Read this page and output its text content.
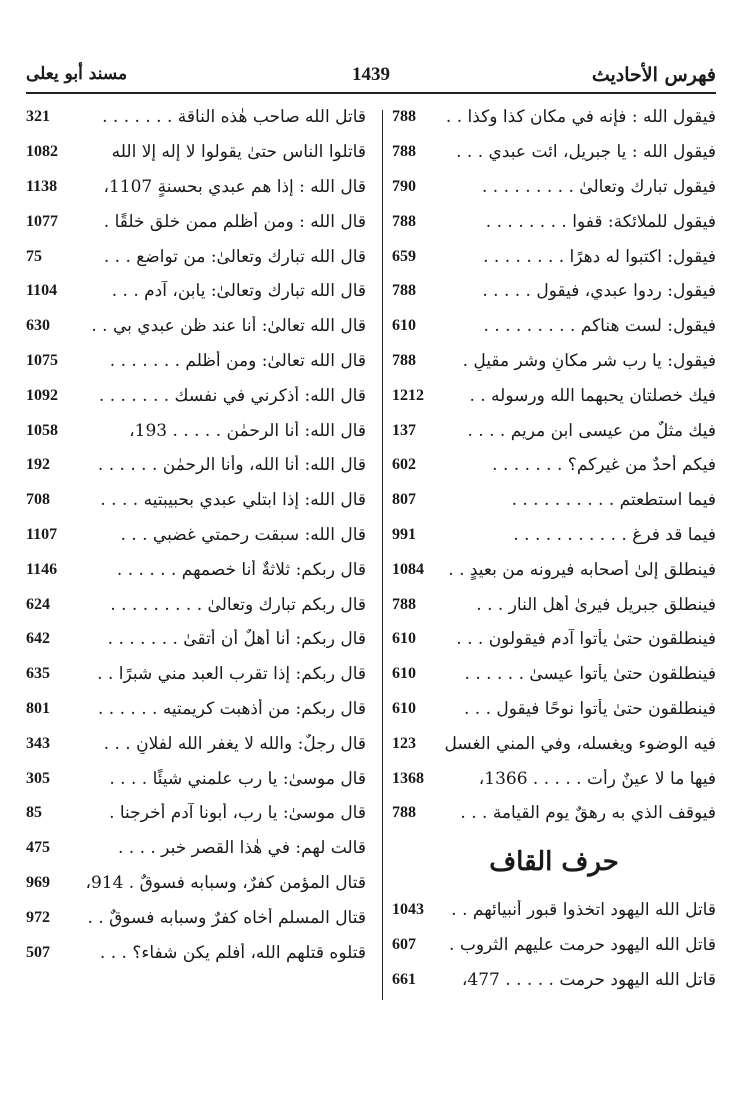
فهرس الأحاديث
1439
مسند أبو يعلى
321	قاتل الله صاحب هٰذه الناقة . . . . . . .
1082	قاتلوا الناس حتىٰ يقولوا لا إله إلا الله
1138	قال الله : إذا هم عبدي بحسنةٍ 1107،
1077	قال الله : ومن أظلم ممن خلق خلقًا .
75	قال الله تبارك وتعالىٰ: من تواضع . . .
1104	قال الله تبارك وتعالىٰ: يابن، آدم . . .
630	قال الله تعالىٰ: أنا عند ظن عبدي بي . .
1075	قال الله تعالىٰ: ومن أظلم . . . . . . .
1092	قال الله: أذكرني في نفسك . . . . . . .
1058	قال الله: أنا الرحمٰن . . . . . 193،
192	قال الله: أنا الله، وأنا الرحمٰن . . . . . .
708	قال الله: إذا ابتلي عبدي بحبيبتيه . . . .
1107	قال الله: سبقت رحمتي غضبي . . .
1146	قال ربكم: ثلاثةٌ أنا خصمهم . . . . . .
624	قال ربكم تبارك وتعالىٰ . . . . . . . . .
642	قال ربكم: أنا أهلٌ أن أتقىٰ . . . . . . .
635	قال ربكم: إذا تقرب العبد مني شبرًا . .
801	قال ربكم: من أذهبت كريمتيه . . . . . .
343	قال رجلٌ: والله لا يغفر الله لفلانٍ . . .
305	قال موسىٰ: يا رب علمني شيئًا . . . .
85	قال موسىٰ: يا رب، أبونا آدم أخرجنا .
475	قالت لهم: في هٰذا القصر خبر . . . .
969	قتال المؤمن كفرٌ، وسبابه فسوقٌ . 914،
972	قتال المسلم أخاه كفرٌ وسبابه فسوقٌ . .
507	قتلوه قتلهم الله، أفلم يكن شفاء؟ . . .
788	فيقول الله : فإنه في مكان كذا وكذا . .
788	فيقول الله : يا جبريل، ائت عبدي . . .
790	فيقول تبارك وتعالىٰ . . . . . . . . .
788	فيقول للملائكة: قفوا . . . . . . . .
659	فيقول: اكتبوا له دهرًا . . . . . . . .
788	فيقول: ردوا عبدي، فيقول . . . . .
610	فيقول: لست هناكم . . . . . . . . .
788	فيقول: يا رب شر مكانٍ وشر مقيلٍ .
1212	فيك خصلتان يحبهما الله ورسوله . .
137	فيك مثلٌ من عيسى ابن مريم . . . .
602	فيكم أحدٌ من غيركم؟ . . . . . . .
807	فيما استطعتم . . . . . . . . . .
991	فيما قد فرغ . . . . . . . . . . .
1084	فينطلق إلىٰ أصحابه فيرونه من بعيدٍ . .
788	فينطلق جبريل فيرىٰ أهل النار . . .
610	فينطلقون حتىٰ يأتوا آدم فيقولون . . .
610	فينطلقون حتىٰ يأتوا عيسىٰ . . . . . .
610	فينطلقون حتىٰ يأتوا نوحًا فيقول . . .
123	فيه الوضوء ويغسله، وفي المني الغسل
1368	فيها ما لا عينٌ رأت . . . . . 1366،
788	فيوقف الذي به رهقٌ يوم القيامة . . .
حرف القاف
1043	قاتل الله اليهود اتخذوا قبور أنبيائهم . .
607	قاتل الله اليهود حرمت عليهم الثروب .
661	قاتل الله اليهود حرمت . . . . . 477،
